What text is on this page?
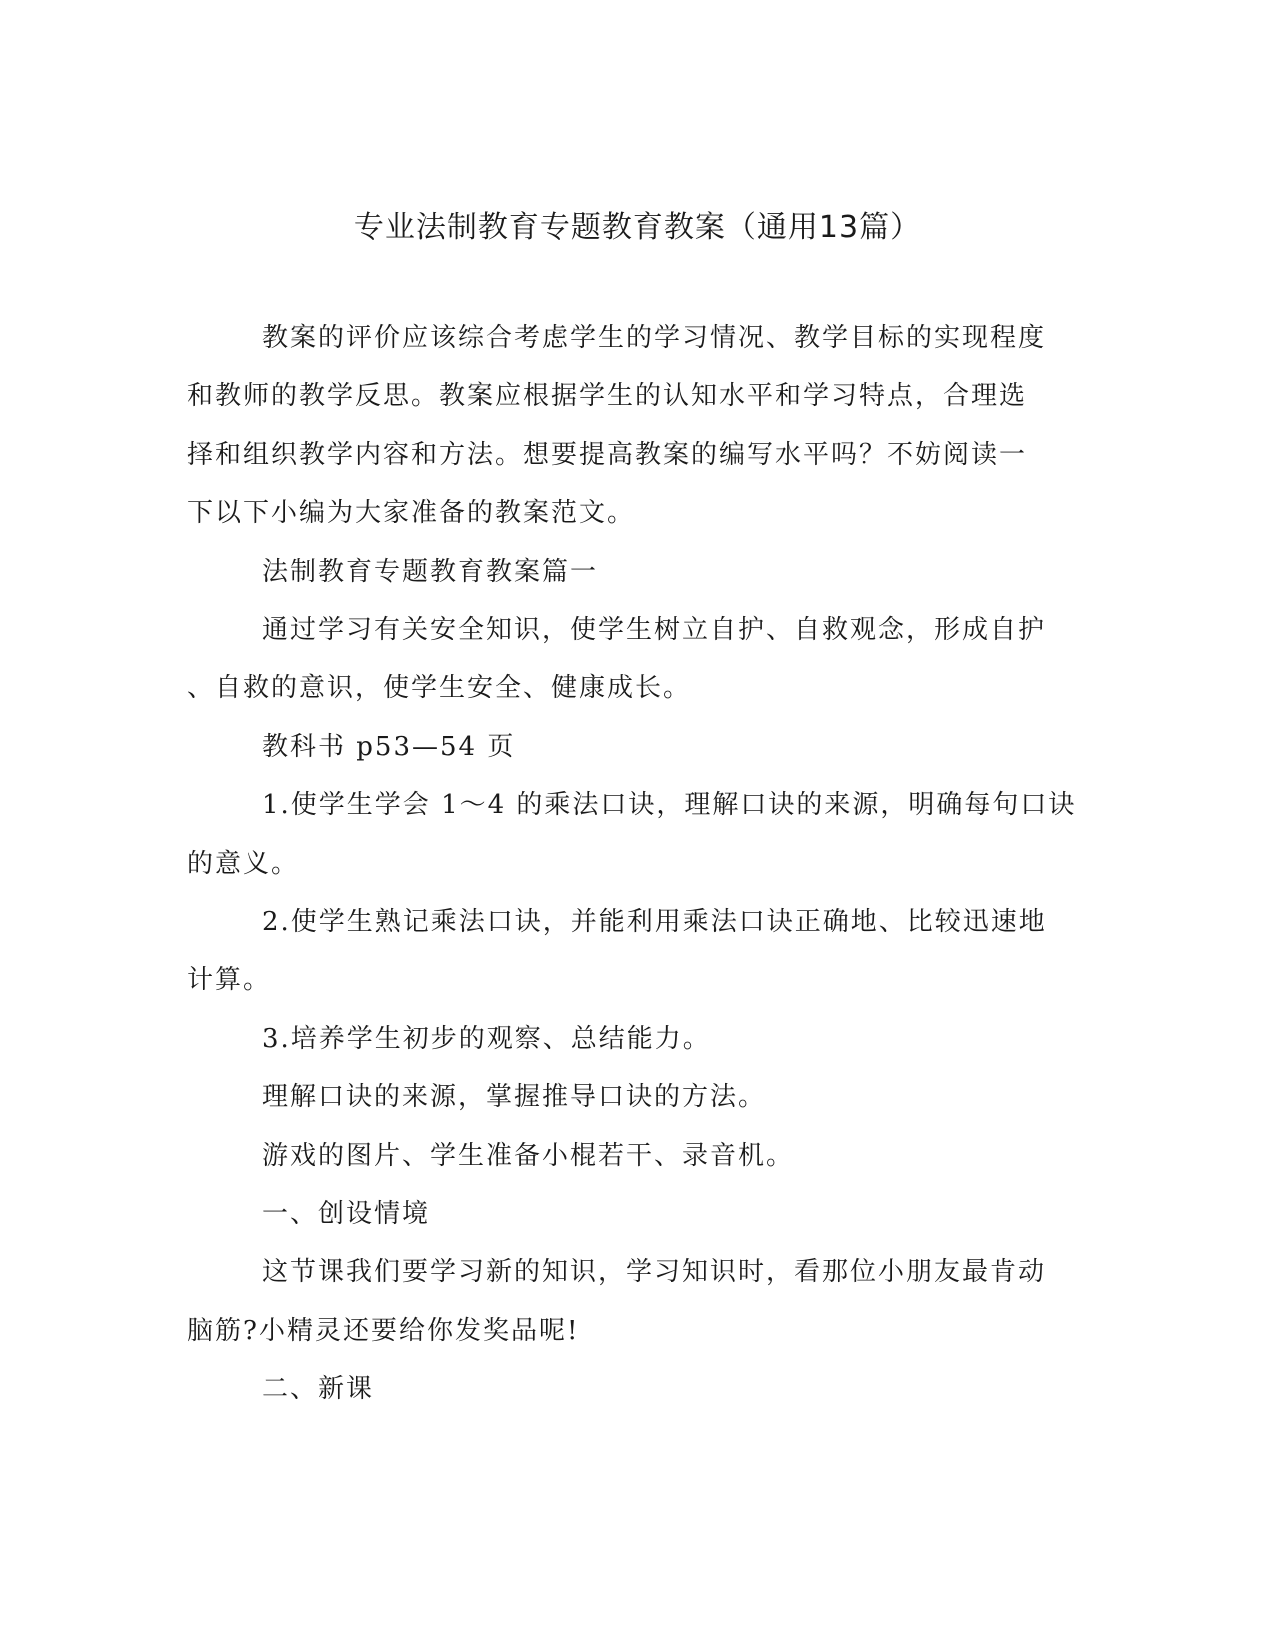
专业法制教育专题教育教案（通用13篇）
教案的评价应该综合考虑学生的学习情况、教学目标的实现程度
和教师的教学反思。教案应根据学生的认知水平和学习特点，合理选
择和组织教学内容和方法。想要提高教案的编写水平吗？不妨阅读一
下以下小编为大家准备的教案范文。
法制教育专题教育教案篇一
通过学习有关安全知识，使学生树立自护、自救观念，形成自护
、自救的意识，使学生安全、健康成长。
教科书 p53—54 页
1.使学生学会 1～4 的乘法口诀，理解口诀的来源，明确每句口诀
的意义。
2.使学生熟记乘法口诀，并能利用乘法口诀正确地、比较迅速地
计算。
3.培养学生初步的观察、总结能力。
理解口诀的来源，掌握推导口诀的方法。
游戏的图片、学生准备小棍若干、录音机。
一、创设情境
这节课我们要学习新的知识，学习知识时，看那位小朋友最肯动
脑筋?小精灵还要给你发奖品呢!
二、新课
